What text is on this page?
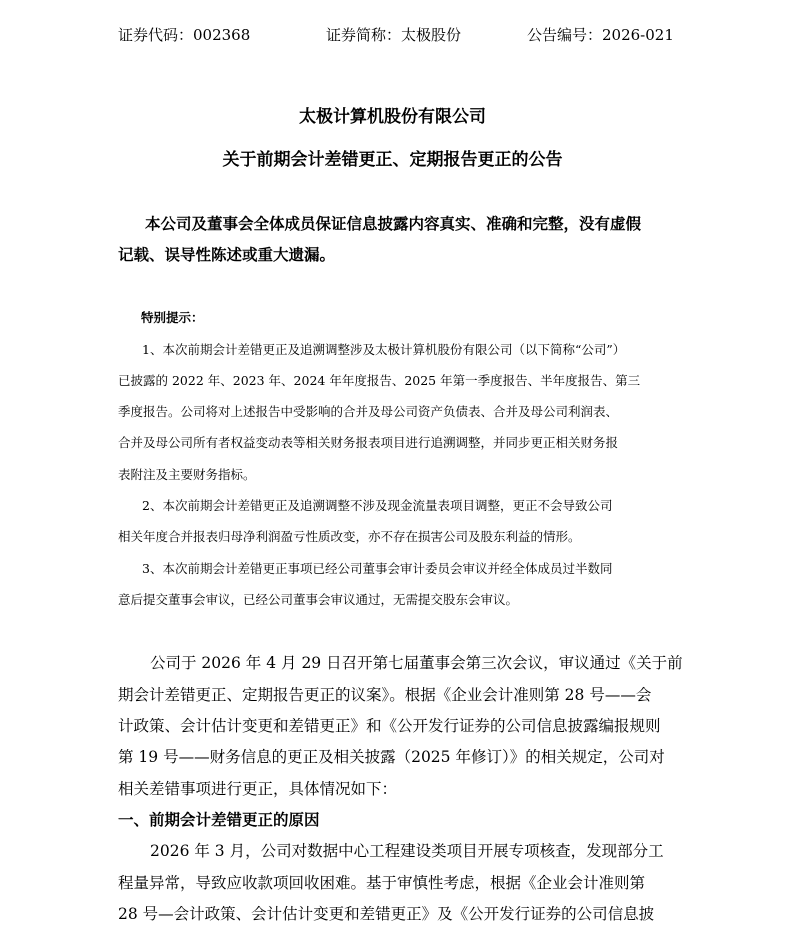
证券代码：002368	证券简称：太极股份	公告编号：2026-021
太极计算机股份有限公司
关于前期会计差错更正、定期报告更正的公告
本公司及董事会全体成员保证信息披露内容真实、准确和完整，没有虚假
记载、误导性陈述或重大遗漏。
特别提示：
1、本次前期会计差错更正及追溯调整涉及太极计算机股份有限公司（以下简称“公司”）
已披露的 2022 年、2023 年、2024 年年度报告、2025 年第一季度报告、半年度报告、第三
季度报告。公司将对上述报告中受影响的合并及母公司资产负债表、合并及母公司利润表、
合并及母公司所有者权益变动表等相关财务报表项目进行追溯调整，并同步更正相关财务报
表附注及主要财务指标。
2、本次前期会计差错更正及追溯调整不涉及现金流量表项目调整，更正不会导致公司
相关年度合并报表归母净利润盈亏性质改变，亦不存在损害公司及股东利益的情形。
3、本次前期会计差错更正事项已经公司董事会审计委员会审议并经全体成员过半数同
意后提交董事会审议，已经公司董事会审议通过，无需提交股东会审议。
公司于 2026 年 4 月 29 日召开第七届董事会第三次会议，审议通过《关于前
期会计差错更正、定期报告更正的议案》。根据《企业会计准则第 28 号——会
计政策、会计估计变更和差错更正》和《公开发行证券的公司信息披露编报规则
第 19 号——财务信息的更正及相关披露（2025 年修订）》的相关规定，公司对
相关差错事项进行更正，具体情况如下：
一、前期会计差错更正的原因
2026 年 3 月，公司对数据中心工程建设类项目开展专项核查，发现部分工
程量异常，导致应收款项回收困难。基于审慎性考虑，根据《企业会计准则第
28 号—会计政策、会计估计变更和差错更正》及《公开发行证券的公司信息披
